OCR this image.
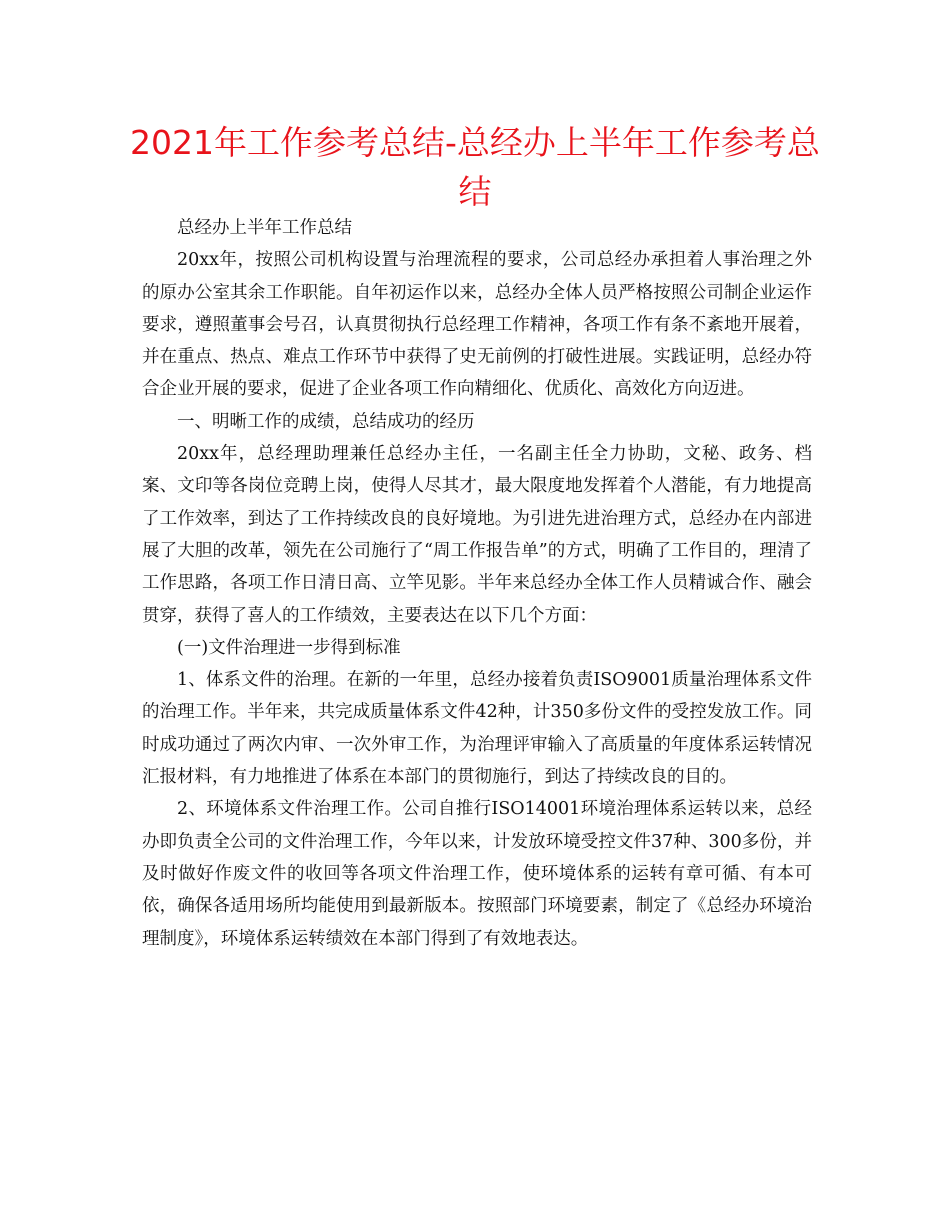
2021年工作参考总结-总经办上半年工作参考总结

总经办上半年工作总结

20xx年，按照公司机构设置与治理流程的要求，公司总经办承担着人事治理之外的原办公室其余工作职能。自年初运作以来，总经办全体人员严格按照公司制企业运作要求，遵照董事会号召，认真贯彻执行总经理工作精神，各项工作有条不紊地开展着，并在重点、热点、难点工作环节中获得了史无前例的打破性进展。实践证明，总经办符合企业开展的要求，促进了企业各项工作向精细化、优质化、高效化方向迈进。

一、明晰工作的成绩，总结成功的经历

20xx年，总经理助理兼任总经办主任，一名副主任全力协助，文秘、政务、档案、文印等各岗位竞聘上岗，使得人尽其才，最大限度地发挥着个人潜能，有力地提高了工作效率，到达了工作持续改良的良好境地。为引进先进治理方式，总经办在内部进展了大胆的改革，领先在公司施行了“周工作报告单”的方式，明确了工作目的，理清了工作思路，各项工作日清日高、立竿见影。半年来总经办全体工作人员精诚合作、融会贯穿，获得了喜人的工作绩效，主要表达在以下几个方面：

(一)文件治理进一步得到标准

1、体系文件的治理。在新的一年里，总经办接着负责ISO9001质量治理体系文件的治理工作。半年来，共完成质量体系文件42种，计350多份文件的受控发放工作。同时成功通过了两次内审、一次外审工作，为治理评审输入了高质量的年度体系运转情况汇报材料，有力地推进了体系在本部门的贯彻施行，到达了持续改良的目的。

2、环境体系文件治理工作。公司自推行ISO14001环境治理体系运转以来，总经办即负责全公司的文件治理工作，今年以来，计发放环境受控文件37种、300多份，并及时做好作废文件的收回等各项文件治理工作，使环境体系的运转有章可循、有本可依，确保各适用场所均能使用到最新版本。按照部门环境要素，制定了《总经办环境治理制度》，环境体系运转绩效在本部门得到了有效地表达。
